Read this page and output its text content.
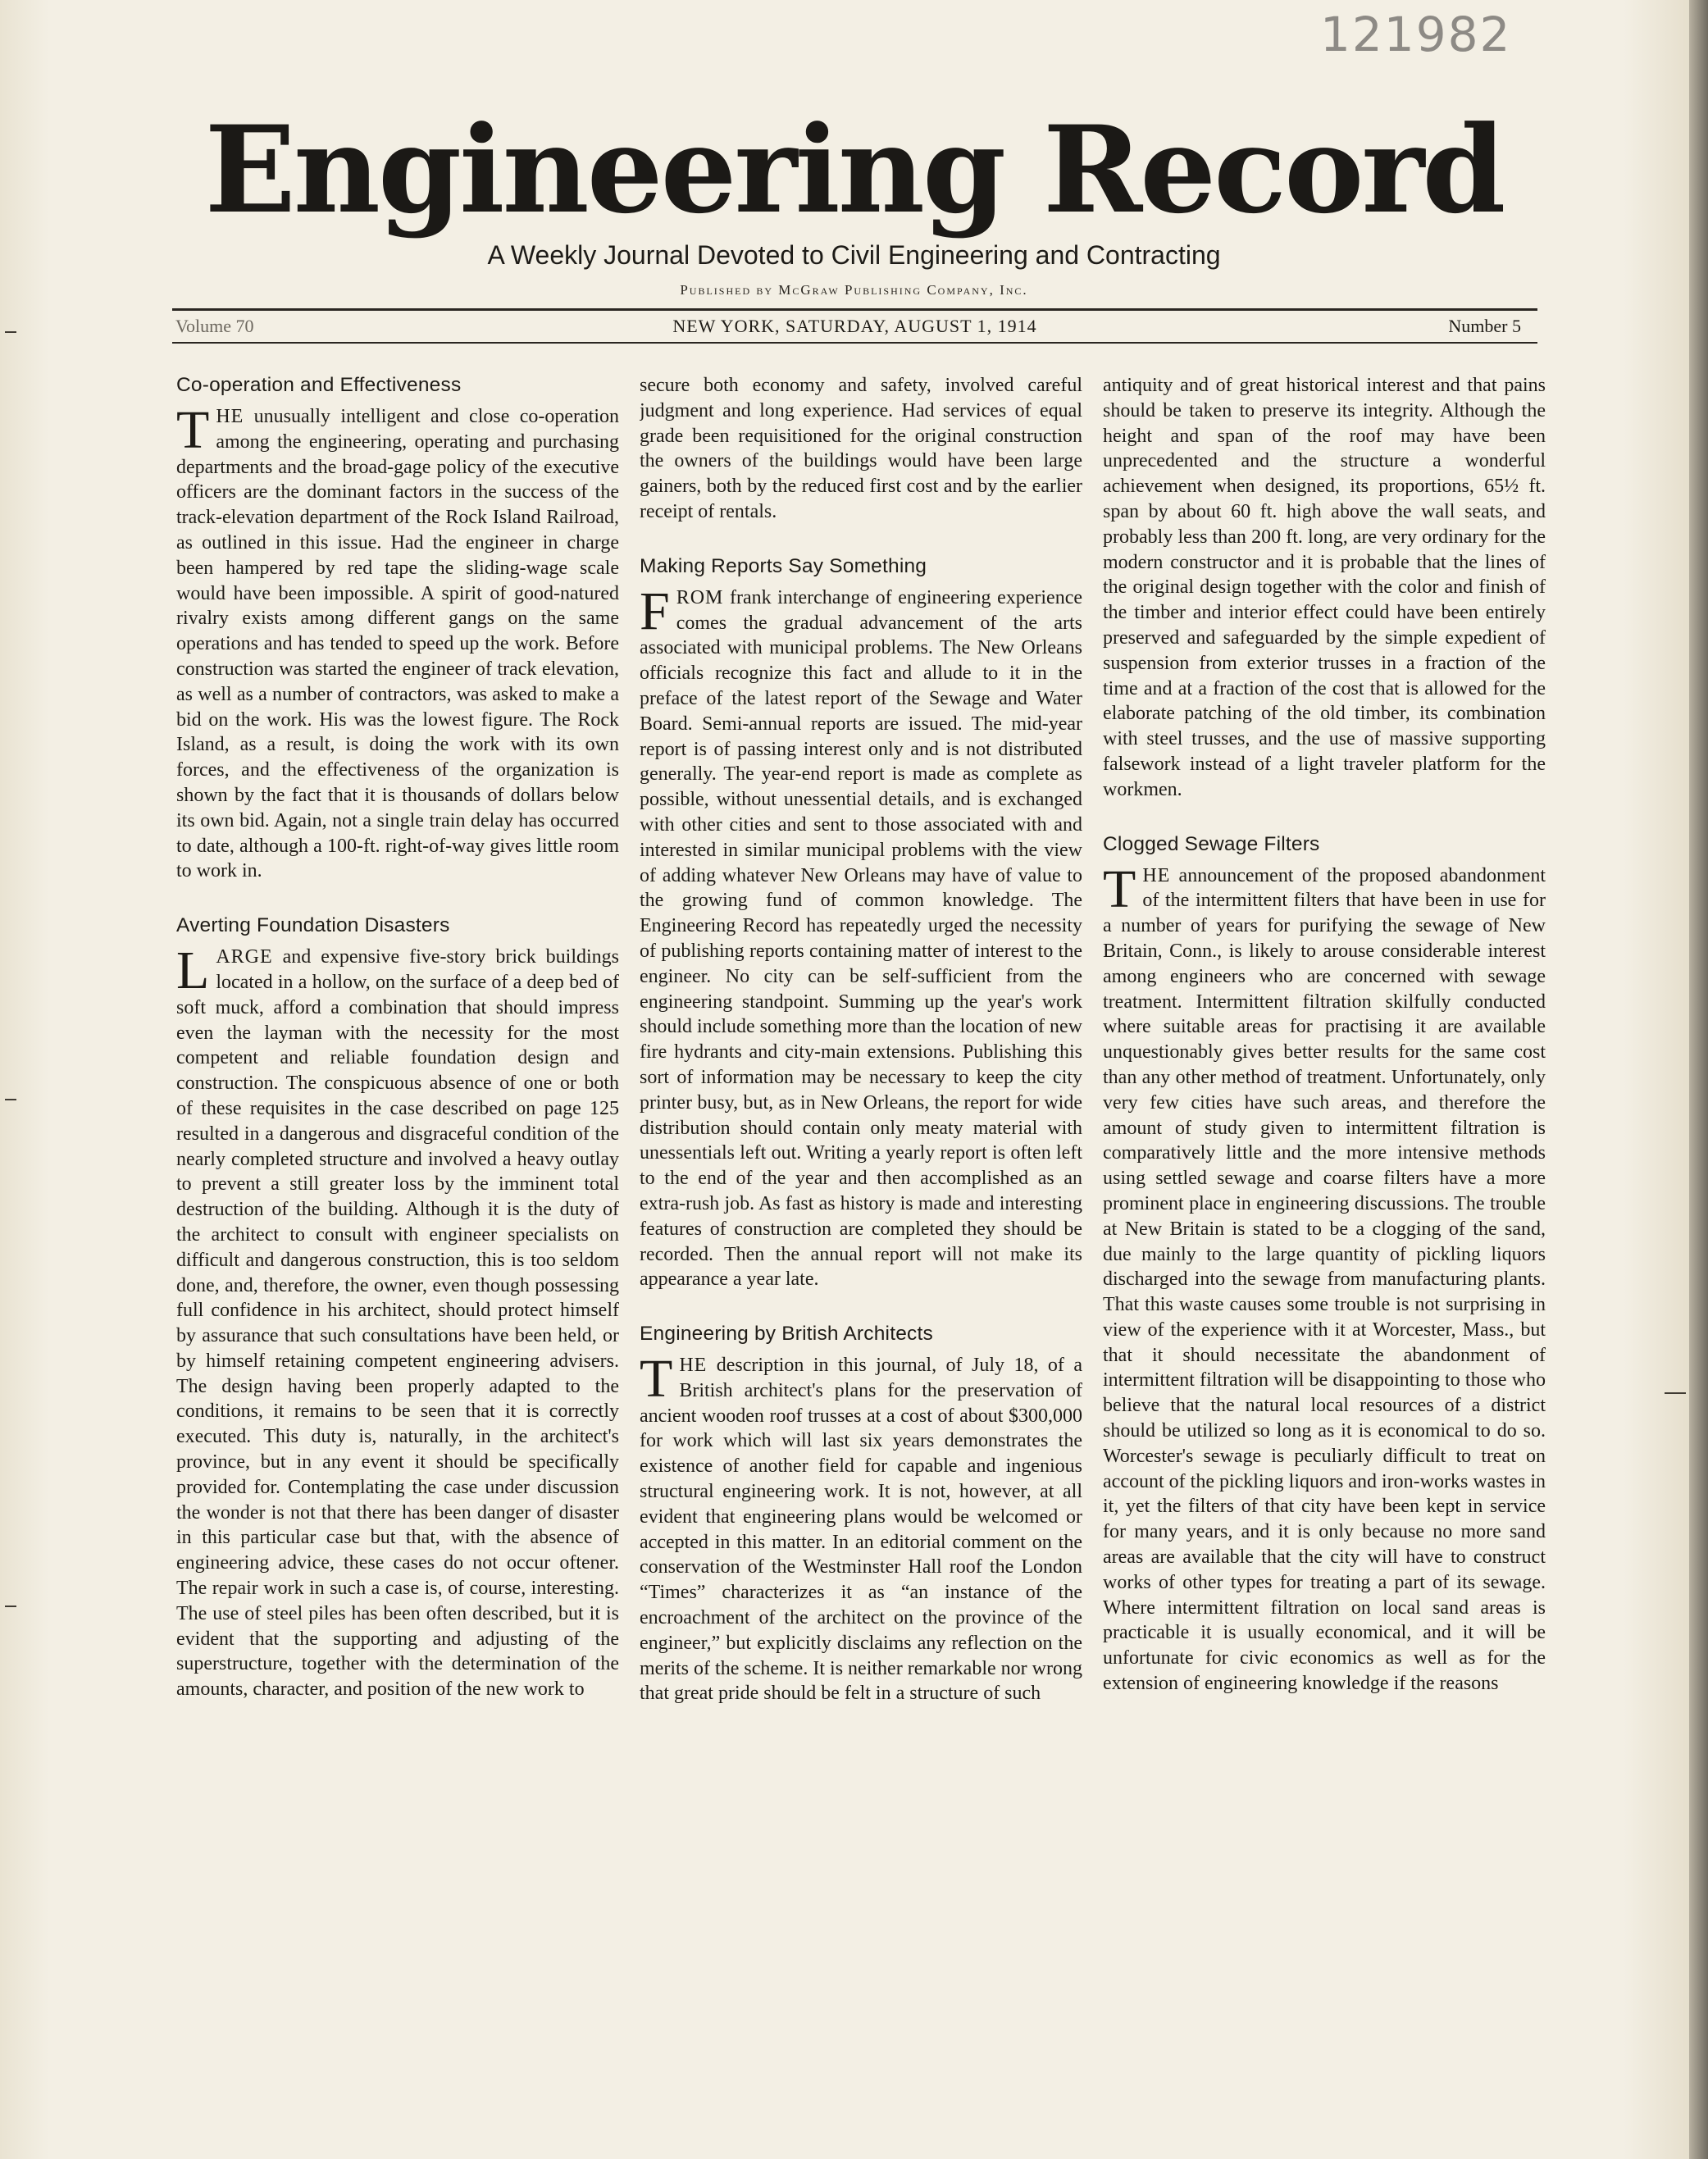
121982
Engineering Record
A Weekly Journal Devoted to Civil Engineering and Contracting
Published by McGraw Publishing Company, Inc.
Volume 70	NEW YORK, SATURDAY, AUGUST 1, 1914	Number 5
Co-operation and Effectiveness

THE unusually intelligent and close co-operation among the engineering, operating and purchasing departments and the broad-gage policy of the executive officers are the dominant factors in the success of the track-elevation department of the Rock Island Railroad, as outlined in this issue. Had the engineer in charge been hampered by red tape the sliding-wage scale would have been impossible. A spirit of good-natured rivalry exists among different gangs on the same operations and has tended to speed up the work. Before construction was started the engineer of track elevation, as well as a number of contractors, was asked to make a bid on the work. His was the lowest figure. The Rock Island, as a result, is doing the work with its own forces, and the effectiveness of the organization is shown by the fact that it is thousands of dollars below its own bid. Again, not a single train delay has occurred to date, although a 100-ft. right-of-way gives little room to work in.

Averting Foundation Disasters

LARGE and expensive five-story brick buildings located in a hollow, on the surface of a deep bed of soft muck, afford a combination that should impress even the layman with the necessity for the most competent and reliable foundation design and construction. The conspicuous absence of one or both of these requisites in the case described on page 125 resulted in a dangerous and disgraceful condition of the nearly completed structure and involved a heavy outlay to prevent a still greater loss by the imminent total destruction of the building. Although it is the duty of the architect to consult with engineer specialists on difficult and dangerous construction, this is too seldom done, and, therefore, the owner, even though possessing full confidence in his architect, should protect himself by assurance that such consultations have been held, or by himself retaining competent engineering advisers. The design having been properly adapted to the conditions, it remains to be seen that it is correctly executed. This duty is, naturally, in the architect's province, but in any event it should be specifically provided for. Contemplating the case under discussion the wonder is not that there has been danger of disaster in this particular case but that, with the absence of engineering advice, these cases do not occur oftener. The repair work in such a case is, of course, interesting. The use of steel piles has been often described, but it is evident that the supporting and adjusting of the superstructure, together with the determination of the amounts, character, and position of the new work to

secure both economy and safety, involved careful judgment and long experience. Had services of equal grade been requisitioned for the original construction the owners of the buildings would have been large gainers, both by the reduced first cost and by the earlier receipt of rentals.

Making Reports Say Something

FROM frank interchange of engineering experience comes the gradual advancement of the arts associated with municipal problems. The New Orleans officials recognize this fact and allude to it in the preface of the latest report of the Sewage and Water Board. Semi-annual reports are issued. The mid-year report is of passing interest only and is not distributed generally. The year-end report is made as complete as possible, without unessential details, and is exchanged with other cities and sent to those associated with and interested in similar municipal problems with the view of adding whatever New Orleans may have of value to the growing fund of common knowledge. The Engineering Record has repeatedly urged the necessity of publishing reports containing matter of interest to the engineer. No city can be self-sufficient from the engineering standpoint. Summing up the year's work should include something more than the location of new fire hydrants and city-main extensions. Publishing this sort of information may be necessary to keep the city printer busy, but, as in New Orleans, the report for wide distribution should contain only meaty material with unessentials left out. Writing a yearly report is often left to the end of the year and then accomplished as an extra-rush job. As fast as history is made and interesting features of construction are completed they should be recorded. Then the annual report will not make its appearance a year late.

Engineering by British Architects

THE description in this journal, of July 18, of a British architect's plans for the preservation of ancient wooden roof trusses at a cost of about $300,000 for work which will last six years demonstrates the existence of another field for capable and ingenious structural engineering work. It is not, however, at all evident that engineering plans would be welcomed or accepted in this matter. In an editorial comment on the conservation of the Westminster Hall roof the London “Times” characterizes it as “an instance of the encroachment of the architect on the province of the engineer,” but explicitly disclaims any reflection on the merits of the scheme. It is neither remarkable nor wrong that great pride should be felt in a structure of such

antiquity and of great historical interest and that pains should be taken to preserve its integrity. Although the height and span of the roof may have been unprecedented and the structure a wonderful achievement when designed, its proportions, 65½ ft. span by about 60 ft. high above the wall seats, and probably less than 200 ft. long, are very ordinary for the modern constructor and it is probable that the lines of the original design together with the color and finish of the timber and interior effect could have been entirely preserved and safeguarded by the simple expedient of suspension from exterior trusses in a fraction of the time and at a fraction of the cost that is allowed for the elaborate patching of the old timber, its combination with steel trusses, and the use of massive supporting falsework instead of a light traveler platform for the workmen.

Clogged Sewage Filters

THE announcement of the proposed abandonment of the intermittent filters that have been in use for a number of years for purifying the sewage of New Britain, Conn., is likely to arouse considerable interest among engineers who are concerned with sewage treatment. Intermittent filtration skilfully conducted where suitable areas for practising it are available unquestionably gives better results for the same cost than any other method of treatment. Unfortunately, only very few cities have such areas, and therefore the amount of study given to intermittent filtration is comparatively little and the more intensive methods using settled sewage and coarse filters have a more prominent place in engineering discussions. The trouble at New Britain is stated to be a clogging of the sand, due mainly to the large quantity of pickling liquors discharged into the sewage from manufacturing plants. That this waste causes some trouble is not surprising in view of the experience with it at Worcester, Mass., but that it should necessitate the abandonment of intermittent filtration will be disappointing to those who believe that the natural local resources of a district should be utilized so long as it is economical to do so. Worcester's sewage is peculiarly difficult to treat on account of the pickling liquors and iron-works wastes in it, yet the filters of that city have been kept in service for many years, and it is only because no more sand areas are available that the city will have to construct works of other types for treating a part of its sewage. Where intermittent filtration on local sand areas is practicable it is usually economical, and it will be unfortunate for civic economics as well as for the extension of engineering knowledge if the reasons
